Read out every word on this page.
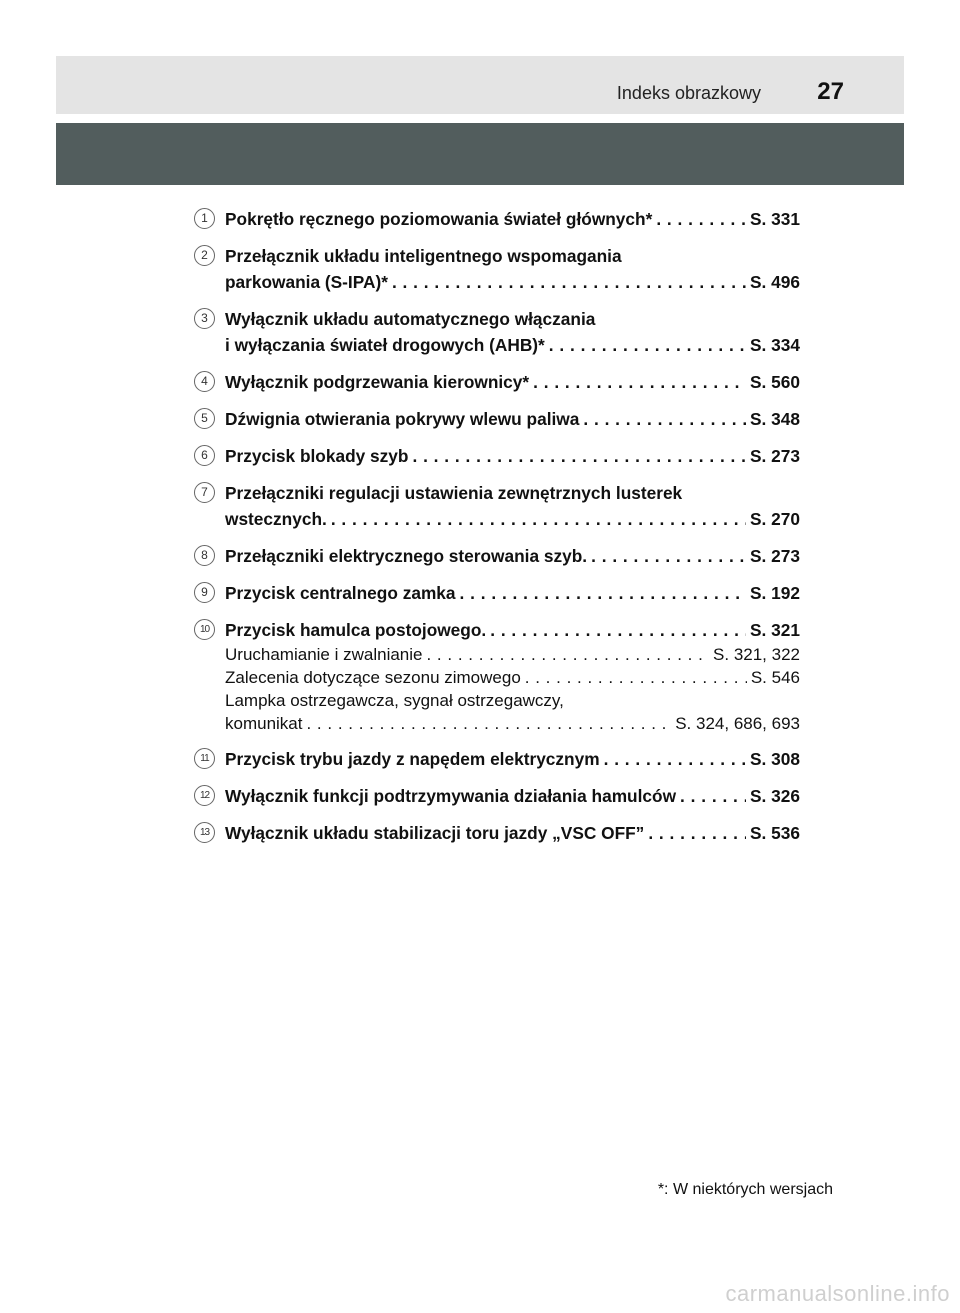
Indeks obrazkowy 27
1 Pokrętło ręcznego poziomowania świateł głównych* . . .	S. 331
2 Przełącznik układu inteligentnego wspomagania
parkowania (S-IPA)* . . .	S. 496
3 Wyłącznik układu automatycznego włączania
i wyłączania świateł drogowych (AHB)* . . .	S. 334
4 Wyłącznik podgrzewania kierownicy* . . .	S. 560
5 Dźwignia otwierania pokrywy wlewu paliwa . . .	S. 348
6 Przycisk blokady szyb . . .	S. 273
7 Przełączniki regulacji ustawienia zewnętrznych lusterek
wstecznych. . . .	S. 270
8 Przełączniki elektrycznego sterowania szyb. . . .	S. 273
9 Przycisk centralnego zamka . . .	S. 192
10 Przycisk hamulca postojowego. . . .	S. 321
Uruchamianie i zwalnianie . . .	S. 321, 322
Zalecenia dotyczące sezonu zimowego . . .	S. 546
Lampka ostrzegawcza, sygnał ostrzegawczy,
komunikat . . .	S. 324, 686, 693
11 Przycisk trybu jazdy z napędem elektrycznym . . .	S. 308
12 Wyłącznik funkcji podtrzymywania działania hamulców . . .	S. 326
13 Wyłącznik układu stabilizacji toru jazdy „VSC OFF” . . .	S. 536
*: W niektórych wersjach
carmanualsonline.info
